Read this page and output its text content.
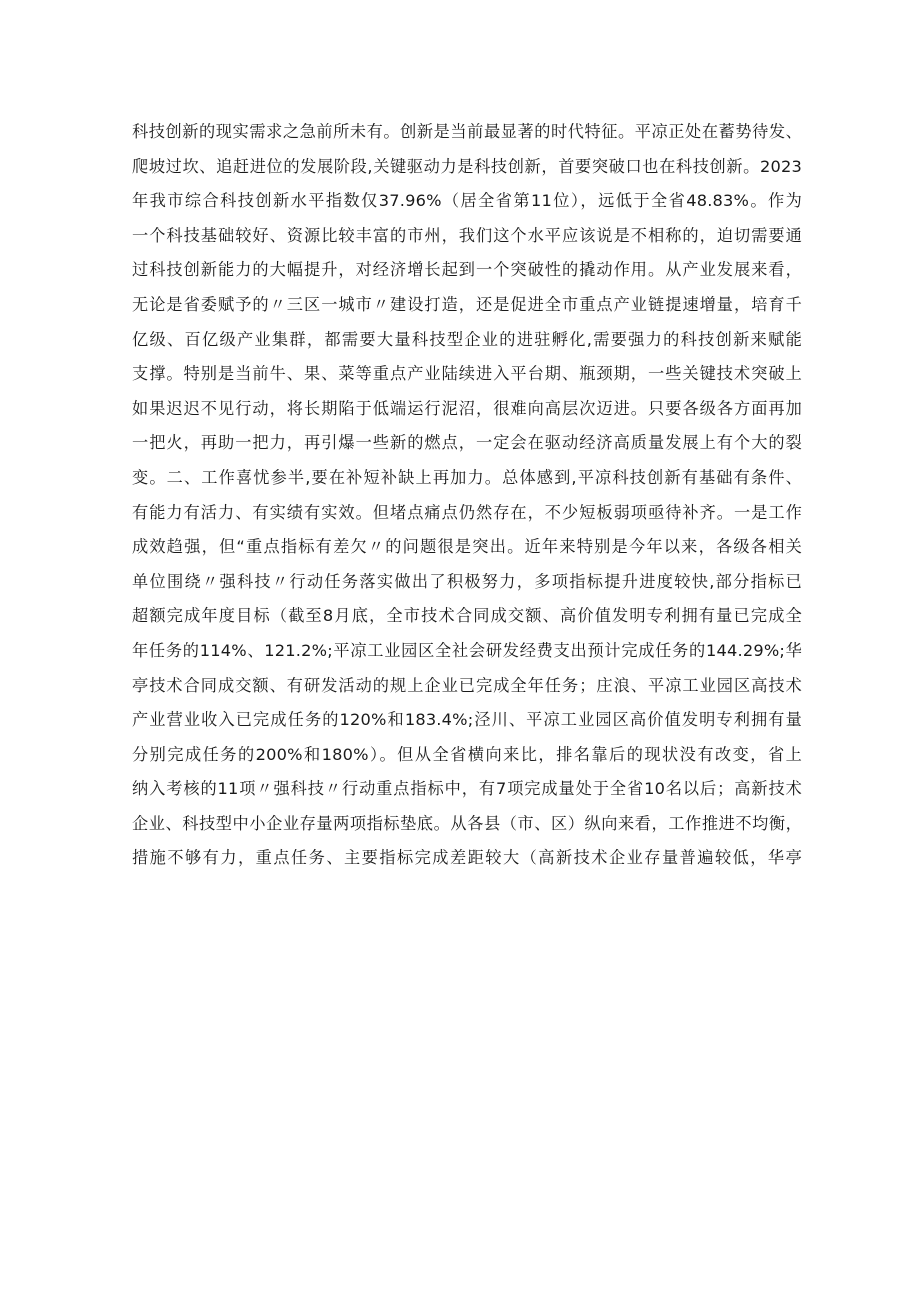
科技创新的现实需求之急前所未有。创新是当前最显著的时代特征。平凉正处在蓄势待发、
爬坡过坎、追赶进位的发展阶段,关键驱动力是科技创新，首要突破口也在科技创新。2023
年我市综合科技创新水平指数仅37.96%（居全省第11位），远低于全省48.83%。作为
一个科技基础较好、资源比较丰富的市州，我们这个水平应该说是不相称的，迫切需要通
过科技创新能力的大幅提升，对经济增长起到一个突破性的撬动作用。从产业发展来看，
无论是省委赋予的〃三区一城市〃建设打造，还是促进全市重点产业链提速增量，培育千
亿级、百亿级产业集群，都需要大量科技型企业的进驻孵化,需要强力的科技创新来赋能
支撑。特别是当前牛、果、菜等重点产业陆续进入平台期、瓶颈期，一些关键技术突破上
如果迟迟不见行动，将长期陷于低端运行泥沼，很难向高层次迈进。只要各级各方面再加
一把火，再助一把力，再引爆一些新的燃点，一定会在驱动经济高质量发展上有个大的裂
变。二、工作喜忧参半,要在补短补缺上再加力。总体感到,平凉科技创新有基础有条件、
有能力有活力、有实绩有实效。但堵点痛点仍然存在，不少短板弱项亟待补齐。一是工作
成效趋强，但“重点指标有差欠〃的问题很是突出。近年来特别是今年以来，各级各相关
单位围绕〃强科技〃行动任务落实做出了积极努力，多项指标提升进度较快,部分指标已
超额完成年度目标（截至8月底，全市技术合同成交额、高价值发明专利拥有量已完成全
年任务的114%、121.2%;平凉工业园区全社会研发经费支出预计完成任务的144.29%;华
亭技术合同成交额、有研发活动的规上企业已完成全年任务；庄浪、平凉工业园区高技术
产业营业收入已完成任务的120%和183.4%;泾川、平凉工业园区高价值发明专利拥有量
分别完成任务的200%和180%）。但从全省横向来比，排名靠后的现状没有改变，省上
纳入考核的11项〃强科技〃行动重点指标中，有7项完成量处于全省10名以后；高新技术
企业、科技型中小企业存量两项指标垫底。从各县（市、区）纵向来看，工作推进不均衡，
措施不够有力，重点任务、主要指标完成差距较大（高新技术企业存量普遍较低，华亭
